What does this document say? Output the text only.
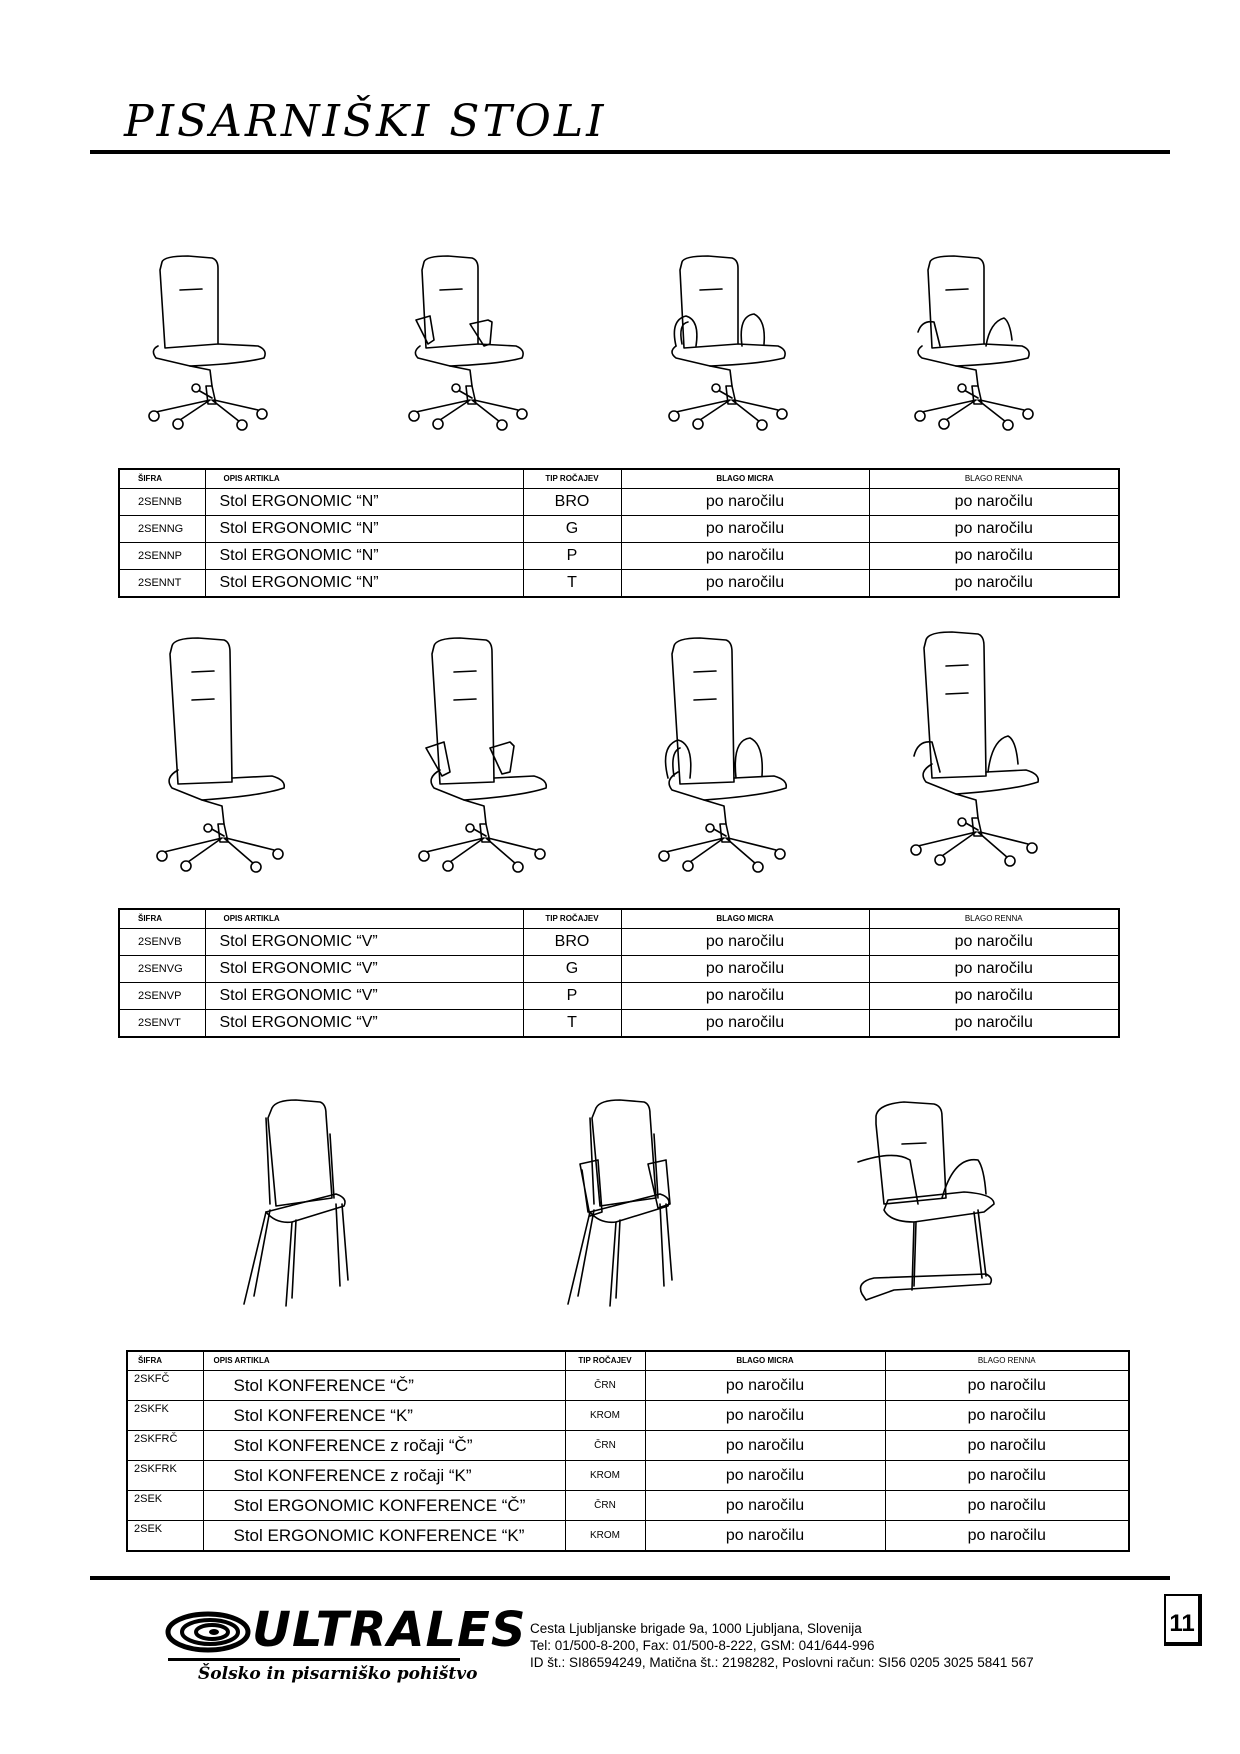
PISARNIŠKI STOLI
ŠIFRA	OPIS ARTIKLA	TIP ROČAJEV	BLAGO MICRA	BLAGO RENNA
2SENNB	Stol ERGONOMIC “N”	BRO	po naročilu	po naročilu
2SENNG	Stol ERGONOMIC “N”	G	po naročilu	po naročilu
2SENNP	Stol ERGONOMIC “N”	P	po naročilu	po naročilu
2SENNT	Stol ERGONOMIC “N”	T	po naročilu	po naročilu
ŠIFRA	OPIS ARTIKLA	TIP ROČAJEV	BLAGO MICRA	BLAGO RENNA
2SENVB	Stol ERGONOMIC “V”	BRO	po naročilu	po naročilu
2SENVG	Stol ERGONOMIC “V”	G	po naročilu	po naročilu
2SENVP	Stol ERGONOMIC “V”	P	po naročilu	po naročilu
2SENVT	Stol ERGONOMIC “V”	T	po naročilu	po naročilu
ŠIFRA	OPIS ARTIKLA	TIP ROČAJEV	BLAGO MICRA	BLAGO RENNA
2SKFČ	Stol KONFERENCE “Č”	ČRN	po naročilu	po naročilu
2SKFK	Stol KONFERENCE “K”	KROM	po naročilu	po naročilu
2SKFRČ	Stol KONFERENCE z ročaji “Č”	ČRN	po naročilu	po naročilu
2SKFRK	Stol KONFERENCE z ročaji “K”	KROM	po naročilu	po naročilu
2SEK	Stol ERGONOMIC KONFERENCE “Č”	ČRN	po naročilu	po naročilu
2SEK	Stol ERGONOMIC KONFERENCE “K”	KROM	po naročilu	po naročilu
ULTRALES
Šolsko in pisarniško pohištvo
Cesta Ljubljanske brigade 9a, 1000 Ljubljana, Slovenija
Tel: 01/500-8-200, Fax: 01/500-8-222, GSM: 041/644-996
ID št.: SI86594249, Matična št.: 2198282, Poslovni račun: SI56 0205 3025 5841 567
11
